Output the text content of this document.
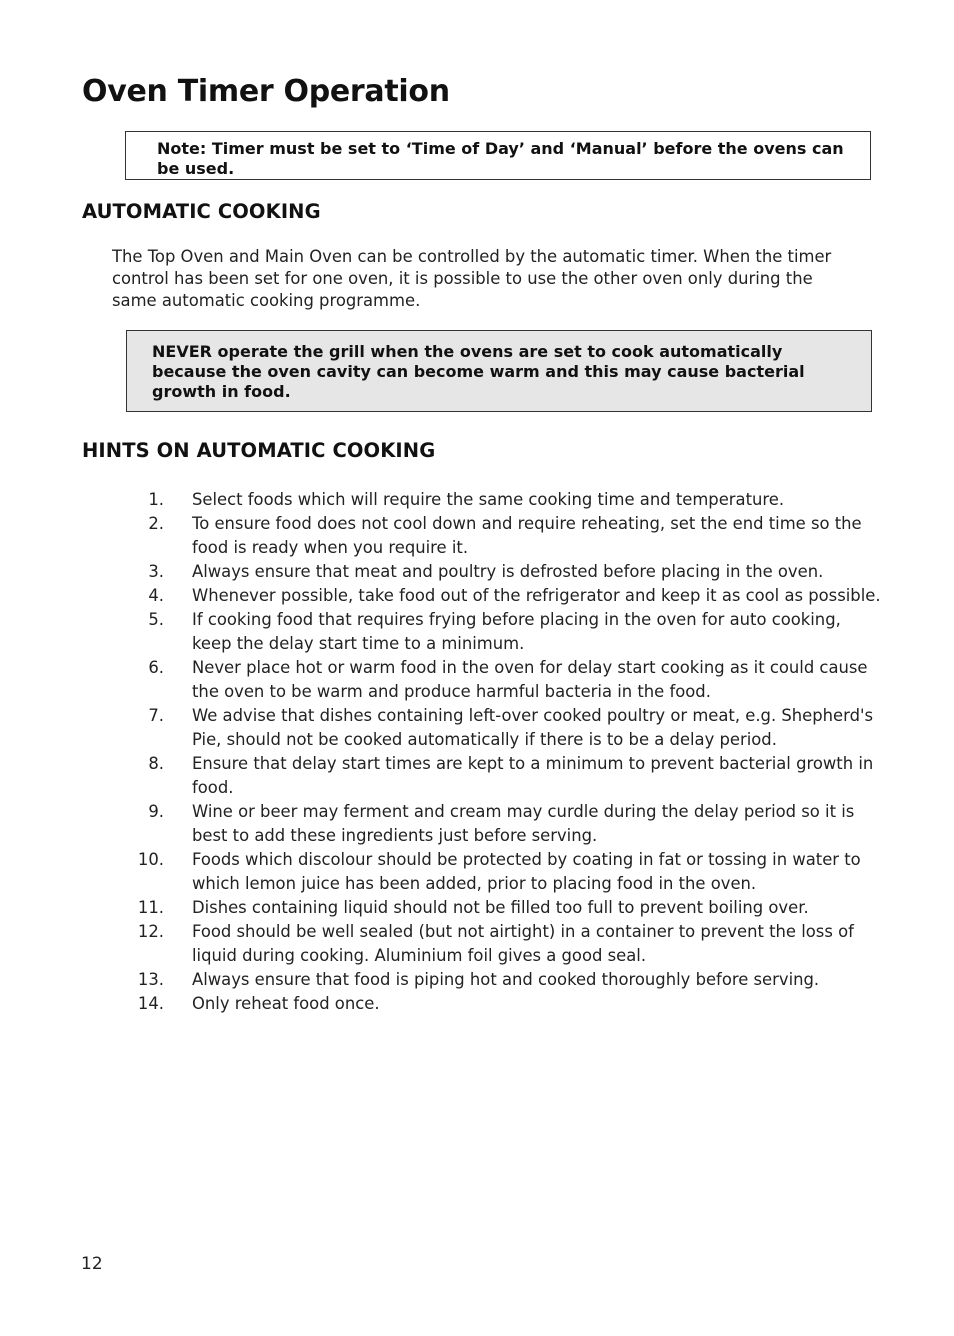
Oven Timer Operation
Note: Timer must be set to ‘Time of Day’ and ‘Manual’ before the ovens can be used.
AUTOMATIC COOKING

The Top Oven and Main Oven can be controlled by the automatic timer. When the timer control has been set for one oven, it is possible to use the other oven only during the same automatic cooking programme.

NEVER operate the grill when the ovens are set to cook automatically because the oven cavity can become warm and this may cause bacterial growth in food.
HINTS ON AUTOMATIC COOKING
1. Select foods which will require the same cooking time and temperature.
2. To ensure food does not cool down and require reheating, set the end time so the food is ready when you require it.
3. Always ensure that meat and poultry is defrosted before placing in the oven.
4. Whenever possible, take food out of the refrigerator and keep it as cool as possible.
5. If cooking food that requires frying before placing in the oven for auto cooking, keep the delay start time to a minimum.
6. Never place hot or warm food in the oven for delay start cooking as it could cause the oven to be warm and produce harmful bacteria in the food.
7. We advise that dishes containing left-over cooked poultry or meat, e.g. Shepherd's Pie, should not be cooked automatically if there is to be a delay period.
8. Ensure that delay start times are kept to a minimum to prevent bacterial growth in food.
9. Wine or beer may ferment and cream may curdle during the delay period so it is best to add these ingredients just before serving.
10. Foods which discolour should be protected by coating in fat or tossing in water to which lemon juice has been added, prior to placing food in the oven.
11. Dishes containing liquid should not be filled too full to prevent boiling over.
12. Food should be well sealed (but not airtight) in a container to prevent the loss of liquid during cooking. Aluminium foil gives a good seal.
13. Always ensure that food is piping hot and cooked thoroughly before serving.
14. Only reheat food once.
12
